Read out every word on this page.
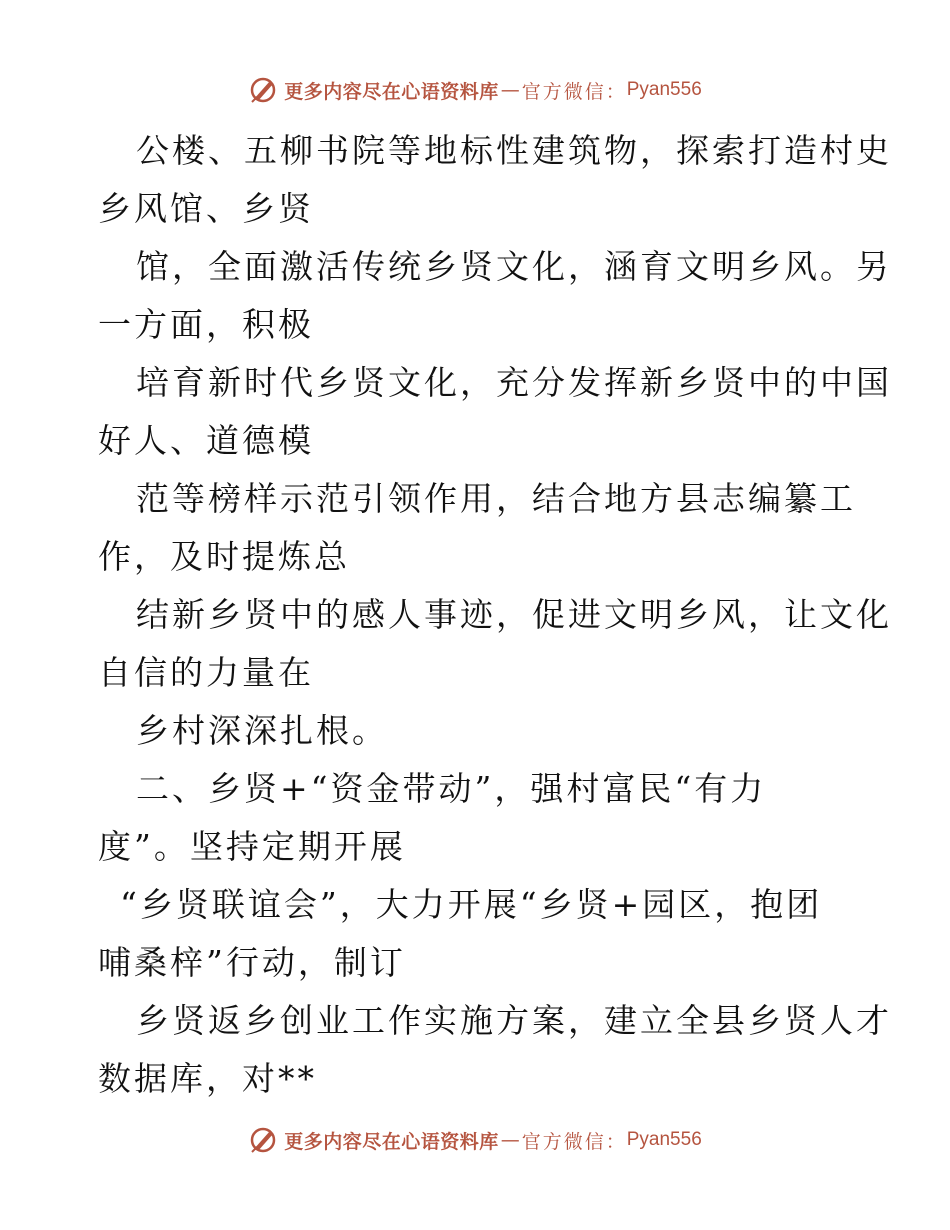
更多内容尽在心语资料库 — 官方微信： Pyan556
公楼、五柳书院等地标性建筑物，探索打造村史
乡风馆、乡贤
馆，全面激活传统乡贤文化，涵育文明乡风。另
一方面，积极
培育新时代乡贤文化，充分发挥新乡贤中的中国
好人、道德模
范等榜样示范引领作用，结合地方县志编纂工
作，及时提炼总
结新乡贤中的感人事迹，促进文明乡风，让文化
自信的力量在
乡村深深扎根。
二、乡贤+“资金带动”，强村富民“有力
度”。坚持定期开展
“乡贤联谊会”，大力开展“乡贤+园区，抱团
哺桑梓”行动，制订
乡贤返乡创业工作实施方案，建立全县乡贤人才
数据库，对**
更多内容尽在心语资料库 — 官方微信： Pyan556
